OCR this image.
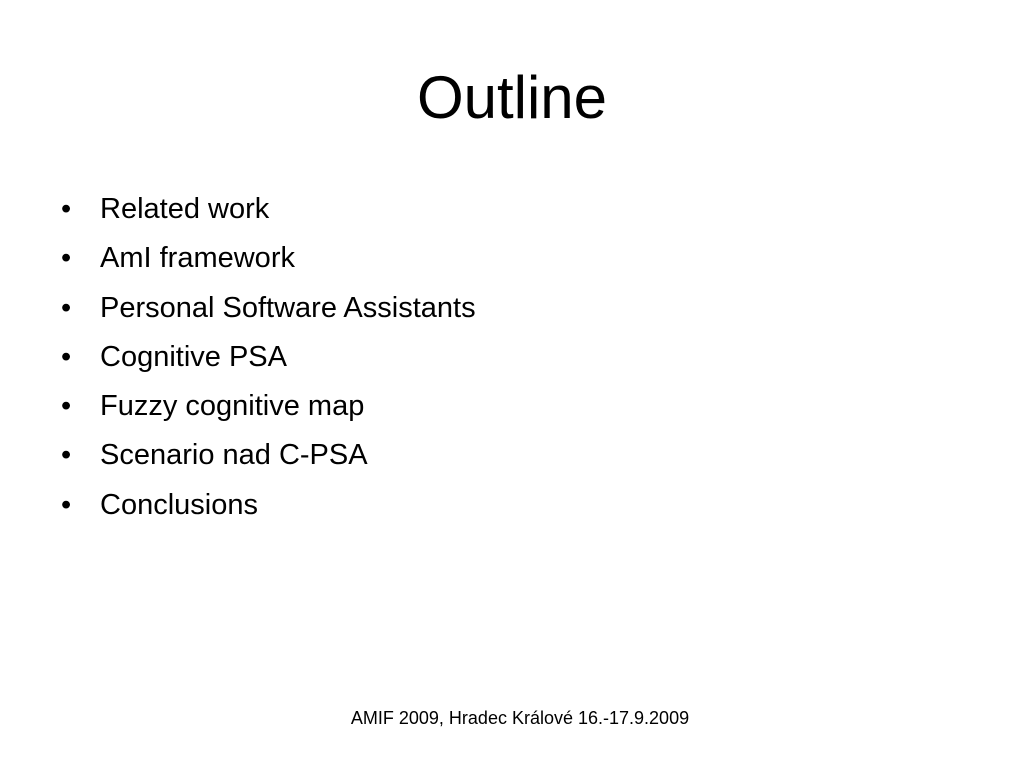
Outline
• Related work
• AmI framework
• Personal Software Assistants
• Cognitive PSA
• Fuzzy cognitive map
• Scenario nad C-PSA
• Conclusions
AMIF 2009, Hradec Králové 16.-17.9.2009
